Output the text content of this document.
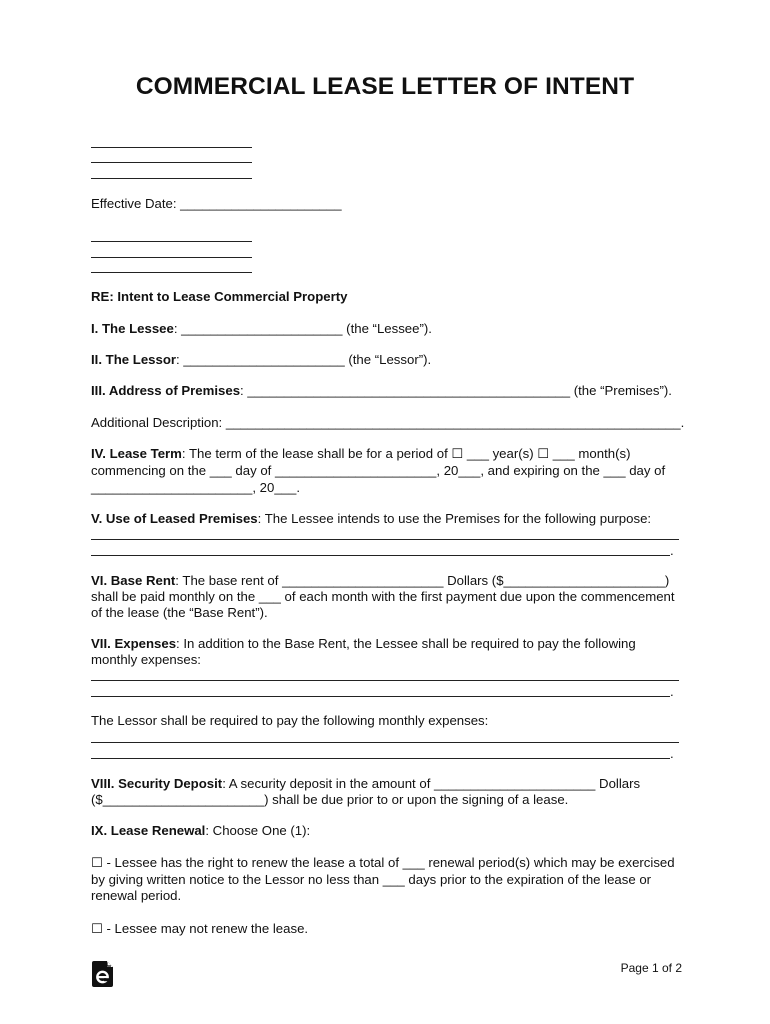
COMMERCIAL LEASE LETTER OF INTENT
Effective Date: ______________________
RE: Intent to Lease Commercial Property
I. The Lessee: ______________________ (the “Lessee”).
II. The Lessor: ______________________ (the “Lessor”).
III. Address of Premises: ____________________________________________ (the “Premises”).
Additional Description: ______________________________________________________________.
IV. Lease Term: The term of the lease shall be for a period of ☐ ___ year(s) ☐ ___ month(s)
commencing on the ___ day of ______________________, 20___, and expiring on the ___ day of
______________________, 20___.
V. Use of Leased Premises: The Lessee intends to use the Premises for the following purpose:
.
VI. Base Rent: The base rent of ______________________ Dollars ($______________________)
shall be paid monthly on the ___ of each month with the first payment due upon the commencement
of the lease (the “Base Rent”).
VII. Expenses: In addition to the Base Rent, the Lessee shall be required to pay the following
monthly expenses:
.
The Lessor shall be required to pay the following monthly expenses:
.
VIII. Security Deposit: A security deposit in the amount of ______________________ Dollars
($______________________) shall be due prior to or upon the signing of a lease.
IX. Lease Renewal: Choose One (1):
☐ - Lessee has the right to renew the lease a total of ___ renewal period(s) which may be exercised
by giving written notice to the Lessor no less than ___ days prior to the expiration of the lease or
renewal period.
☐ - Lessee may not renew the lease.
Page 1 of 2
